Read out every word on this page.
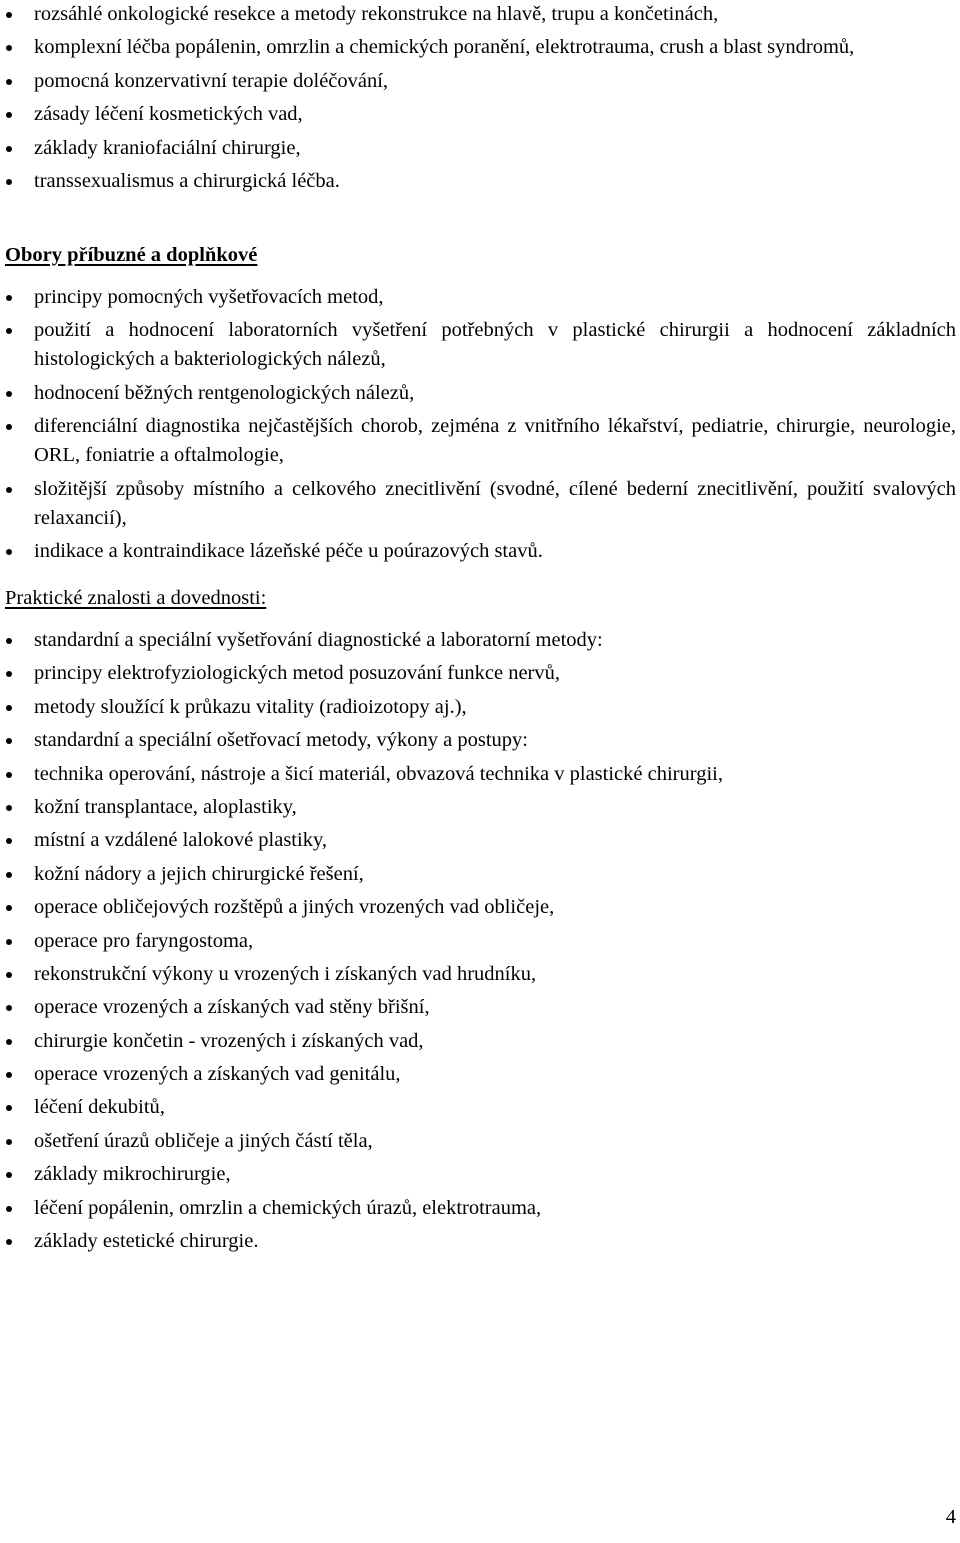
rozsáhlé onkologické resekce a metody rekonstrukce na hlavě, trupu a končetinách,
komplexní léčba popálenin, omrzlin a chemických poranění, elektrotrauma, crush a blast syndromů,
pomocná konzervativní terapie doléčování,
zásady léčení kosmetických vad,
základy kraniofaciální chirurgie,
transsexualismus a chirurgická léčba.
Obory příbuzné a doplňkové
principy pomocných vyšetřovacích metod,
použití a hodnocení laboratorních vyšetření potřebných v plastické chirurgii a hodnocení základních histologických a bakteriologických nálezů,
hodnocení běžných rentgenologických nálezů,
diferenciální diagnostika nejčastějších chorob, zejména z vnitřního lékařství, pediatrie, chirurgie, neurologie, ORL, foniatrie a oftalmologie,
složitější způsoby místního a celkového znecitlivění (svodné, cílené bederní znecitlivění, použití svalových relaxancií),
indikace a kontraindikace lázeňské péče u poúrazových stavů.
Praktické znalosti a dovednosti:
standardní a speciální vyšetřování diagnostické a laboratorní metody:
principy elektrofyziologických metod posuzování funkce nervů,
metody sloužící k průkazu vitality (radioizotopy aj.),
standardní a speciální ošetřovací metody, výkony a postupy:
technika operování, nástroje a šicí materiál, obvazová technika v plastické chirurgii,
kožní transplantace, aloplastiky,
místní a vzdálené lalokové plastiky,
kožní nádory a jejich chirurgické řešení,
operace obličejových rozštěpů a jiných vrozených vad obličeje,
operace pro faryngostoma,
rekonstrukční výkony u vrozených i získaných vad hrudníku,
operace vrozených a získaných vad stěny břišní,
chirurgie končetin - vrozených i získaných vad,
operace vrozených a získaných vad genitálu,
léčení dekubitů,
ošetření úrazů obličeje a jiných částí těla,
základy mikrochirurgie,
léčení popálenin, omrzlin a chemických úrazů, elektrotrauma,
základy estetické chirurgie.
4
